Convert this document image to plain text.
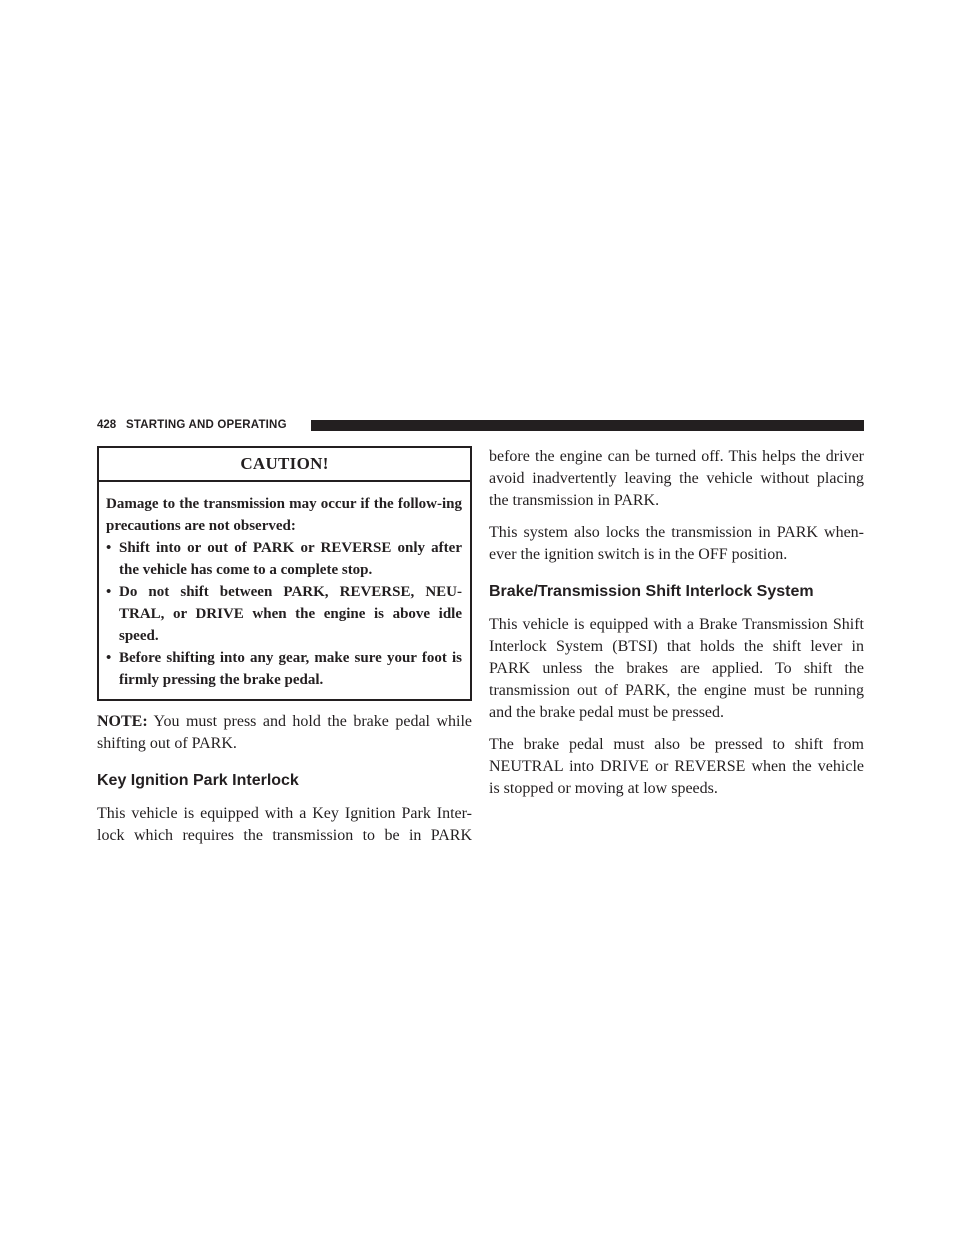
428 STARTING AND OPERATING
CAUTION!

Damage to the transmission may occur if the follow-ing precautions are not observed:

• Shift into or out of PARK or REVERSE only after the vehicle has come to a complete stop.
• Do not shift between PARK, REVERSE, NEU-TRAL, or DRIVE when the engine is above idle speed.
• Before shifting into any gear, make sure your foot is firmly pressing the brake pedal.

NOTE: You must press and hold the brake pedal while shifting out of PARK.

Key Ignition Park Interlock

This vehicle is equipped with a Key Ignition Park Inter-lock which requires the transmission to be in PARK

before the engine can be turned off. This helps the driver avoid inadvertently leaving the vehicle without placing the transmission in PARK.

This system also locks the transmission in PARK when-ever the ignition switch is in the OFF position.

Brake/Transmission Shift Interlock System

This vehicle is equipped with a Brake Transmission Shift Interlock System (BTSI) that holds the shift lever in PARK unless the brakes are applied. To shift the transmission out of PARK, the engine must be running and the brake pedal must be pressed.

The brake pedal must also be pressed to shift from NEUTRAL into DRIVE or REVERSE when the vehicle is stopped or moving at low speeds.
